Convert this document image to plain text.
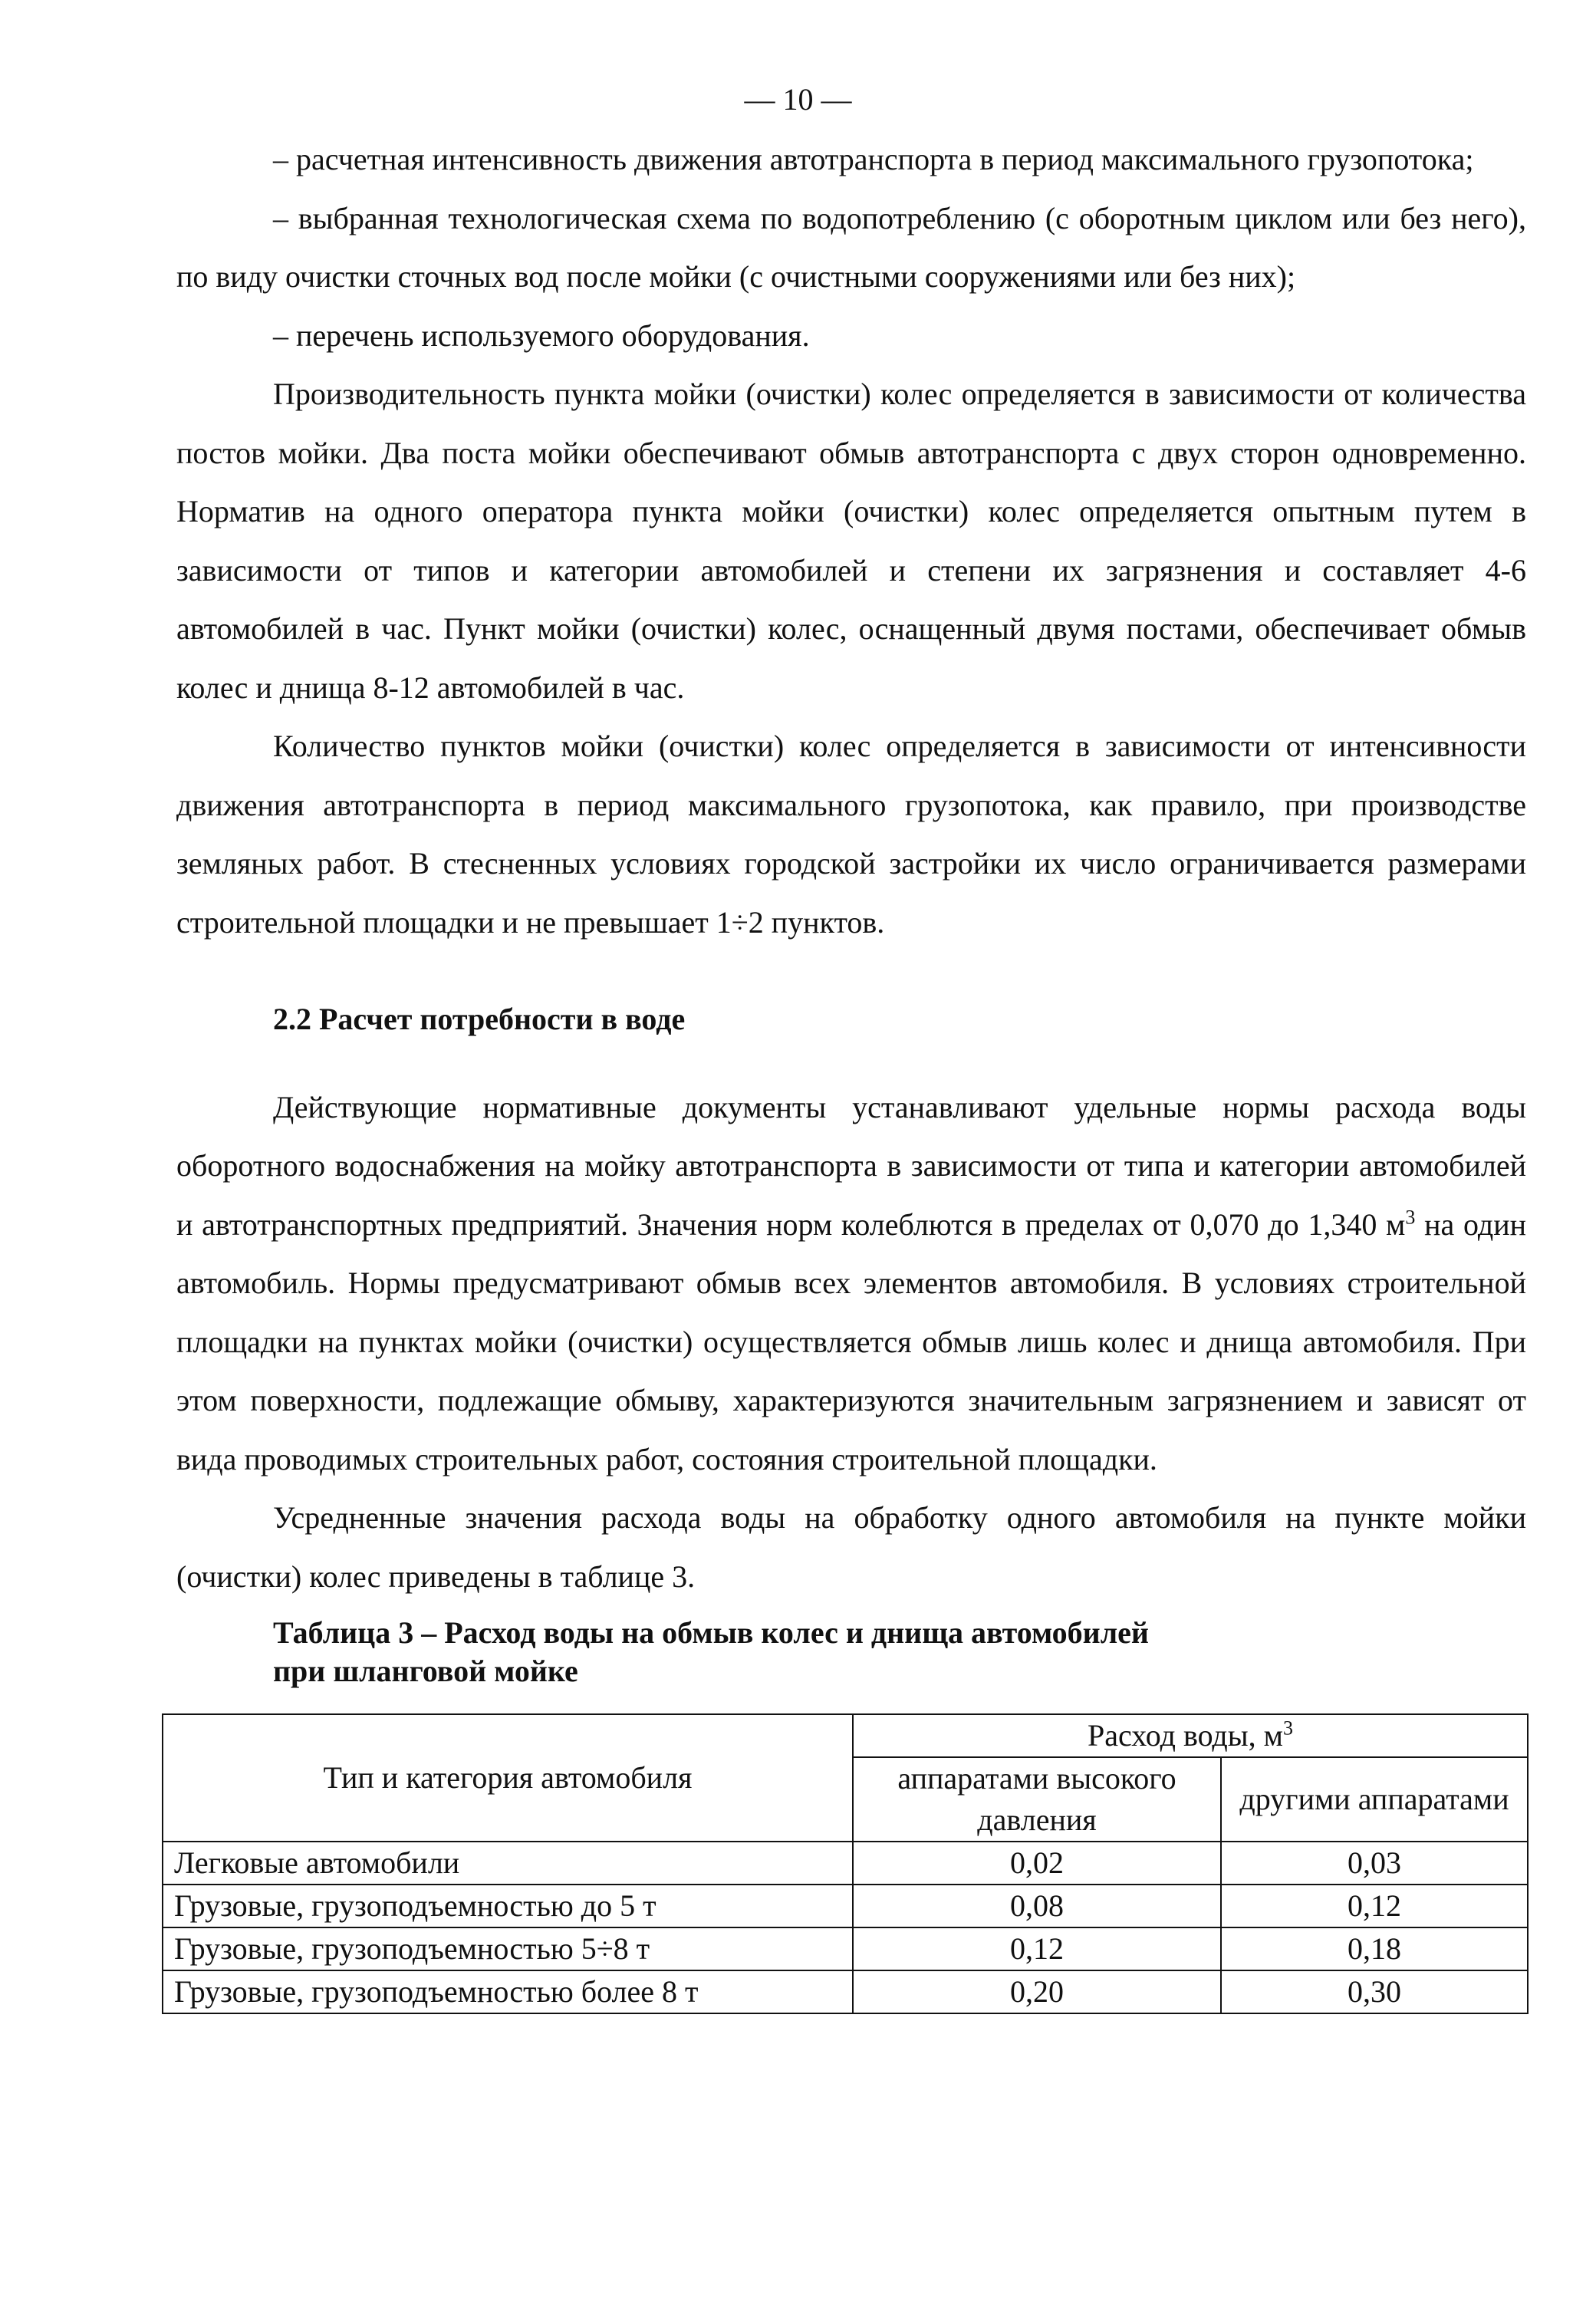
— 10 —

– расчетная интенсивность движения автотранспорта в период максимального грузопотока;

– выбранная технологическая схема по водопотреблению (с оборотным циклом или без него), по виду очистки сточных вод после мойки (с очистными сооружениями или без них);

– перечень используемого оборудования.

Производительность пункта мойки (очистки) колес определяется в зависимости от количества постов мойки. Два поста мойки обеспечивают обмыв автотранспорта с двух сторон одновременно. Норматив на одного оператора пункта мойки (очистки) колес определяется опытным путем в зависимости от типов и категории автомобилей и степени их загрязнения и составляет 4-6 автомобилей в час. Пункт мойки (очистки) колес, оснащенный двумя постами, обеспечивает обмыв колес и днища 8-12 автомобилей в час.

Количество пунктов мойки (очистки) колес определяется в зависимости от интенсивности движения автотранспорта в период максимального грузопотока, как правило, при производстве земляных работ. В стесненных условиях городской застройки их число ограничивается размерами строительной площадки и не превышает 1÷2 пунктов.

2.2 Расчет потребности в воде

Действующие нормативные документы устанавливают удельные нормы расхода воды оборотного водоснабжения на мойку автотранспорта в зависимости от типа и категории автомобилей и автотранспортных предприятий. Значения норм колеблются в пределах от 0,070 до 1,340 $м^3$ на один автомобиль. Нормы предусматривают обмыв всех элементов автомобиля. В условиях строительной площадки на пунктах мойки (очистки) осуществляется обмыв лишь колес и днища автомобиля. При этом поверхности, подлежащие обмыву, характеризуются значительным загрязнением и зависят от вида проводимых строительных работ, состояния строительной площадки.

Усредненные значения расхода воды на обработку одного автомобиля на пункте мойки (очистки) колес приведены в таблице 3.

Таблица 3 – Расход воды на обмыв колес и днища автомобилей
при шланговой мойке
Тип и категория автомобиля	Расход воды, $м^3$
	аппаратами высокого давления	другими аппаратами
Легковые автомобили	0,02	0,03
Грузовые, грузоподъемностью до 5 т	0,08	0,12
Грузовые, грузоподъемностью 5÷8 т	0,12	0,18
Грузовые, грузоподъемностью более 8 т	0,20	0,30
